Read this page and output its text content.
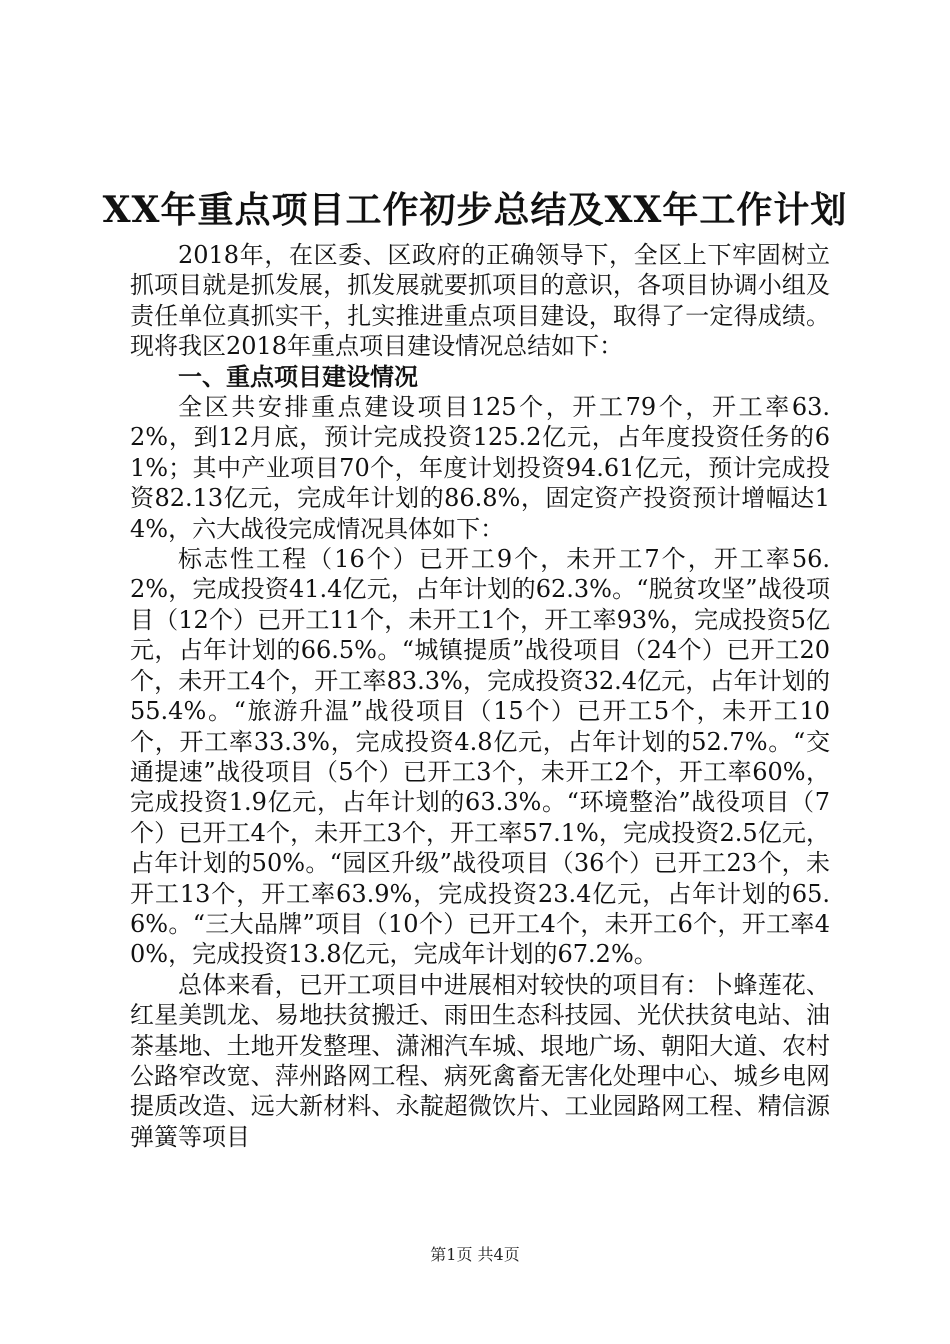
XX年重点项目工作初步总结及XX年工作计划

2018年，在区委、区政府的正确领导下，全区上下牢固树立抓项目就是抓发展，抓发展就要抓项目的意识，各项目协调小组及责任单位真抓实干，扎实推进重点项目建设，取得了一定得成绩。现将我区2018年重点项目建设情况总结如下：

一、重点项目建设情况

全区共安排重点建设项目125个，开工79个，开工率63.2%，到12月底，预计完成投资125.2亿元，占年度投资任务的61%；其中产业项目70个，年度计划投资94.61亿元，预计完成投资82.13亿元，完成年计划的86.8%，固定资产投资预计增幅达14%，六大战役完成情况具体如下：

标志性工程（16个）已开工9个，未开工7个，开工率56.2%，完成投资41.4亿元，占年计划的62.3%。“脱贫攻坚”战役项目（12个）已开工11个，未开工1个，开工率93%，完成投资5亿元，占年计划的66.5%。“城镇提质”战役项目（24个）已开工20个，未开工4个，开工率83.3%，完成投资32.4亿元，占年计划的55.4%。“旅游升温”战役项目（15个）已开工5个，未开工10个，开工率33.3%，完成投资4.8亿元，占年计划的52.7%。“交通提速”战役项目（5个）已开工3个，未开工2个，开工率60%，完成投资1.9亿元，占年计划的63.3%。“环境整治”战役项目（7个）已开工4个，未开工3个，开工率57.1%，完成投资2.5亿元，占年计划的50%。“园区升级”战役项目（36个）已开工23个，未开工13个，开工率63.9%，完成投资23.4亿元，占年计划的65.6%。“三大品牌”项目（10个）已开工4个，未开工6个，开工率40%，完成投资13.8亿元，完成年计划的67.2%。

总体来看，已开工项目中进展相对较快的项目有：卜蜂莲花、红星美凯龙、易地扶贫搬迁、雨田生态科技园、光伏扶贫电站、油茶基地、土地开发整理、潇湘汽车城、垠地广场、朝阳大道、农村公路窄改宽、萍州路网工程、病死禽畜无害化处理中心、城乡电网提质改造、远大新材料、永靛超微饮片、工业园路网工程、精信源弹簧等项目

第1页 共4页
